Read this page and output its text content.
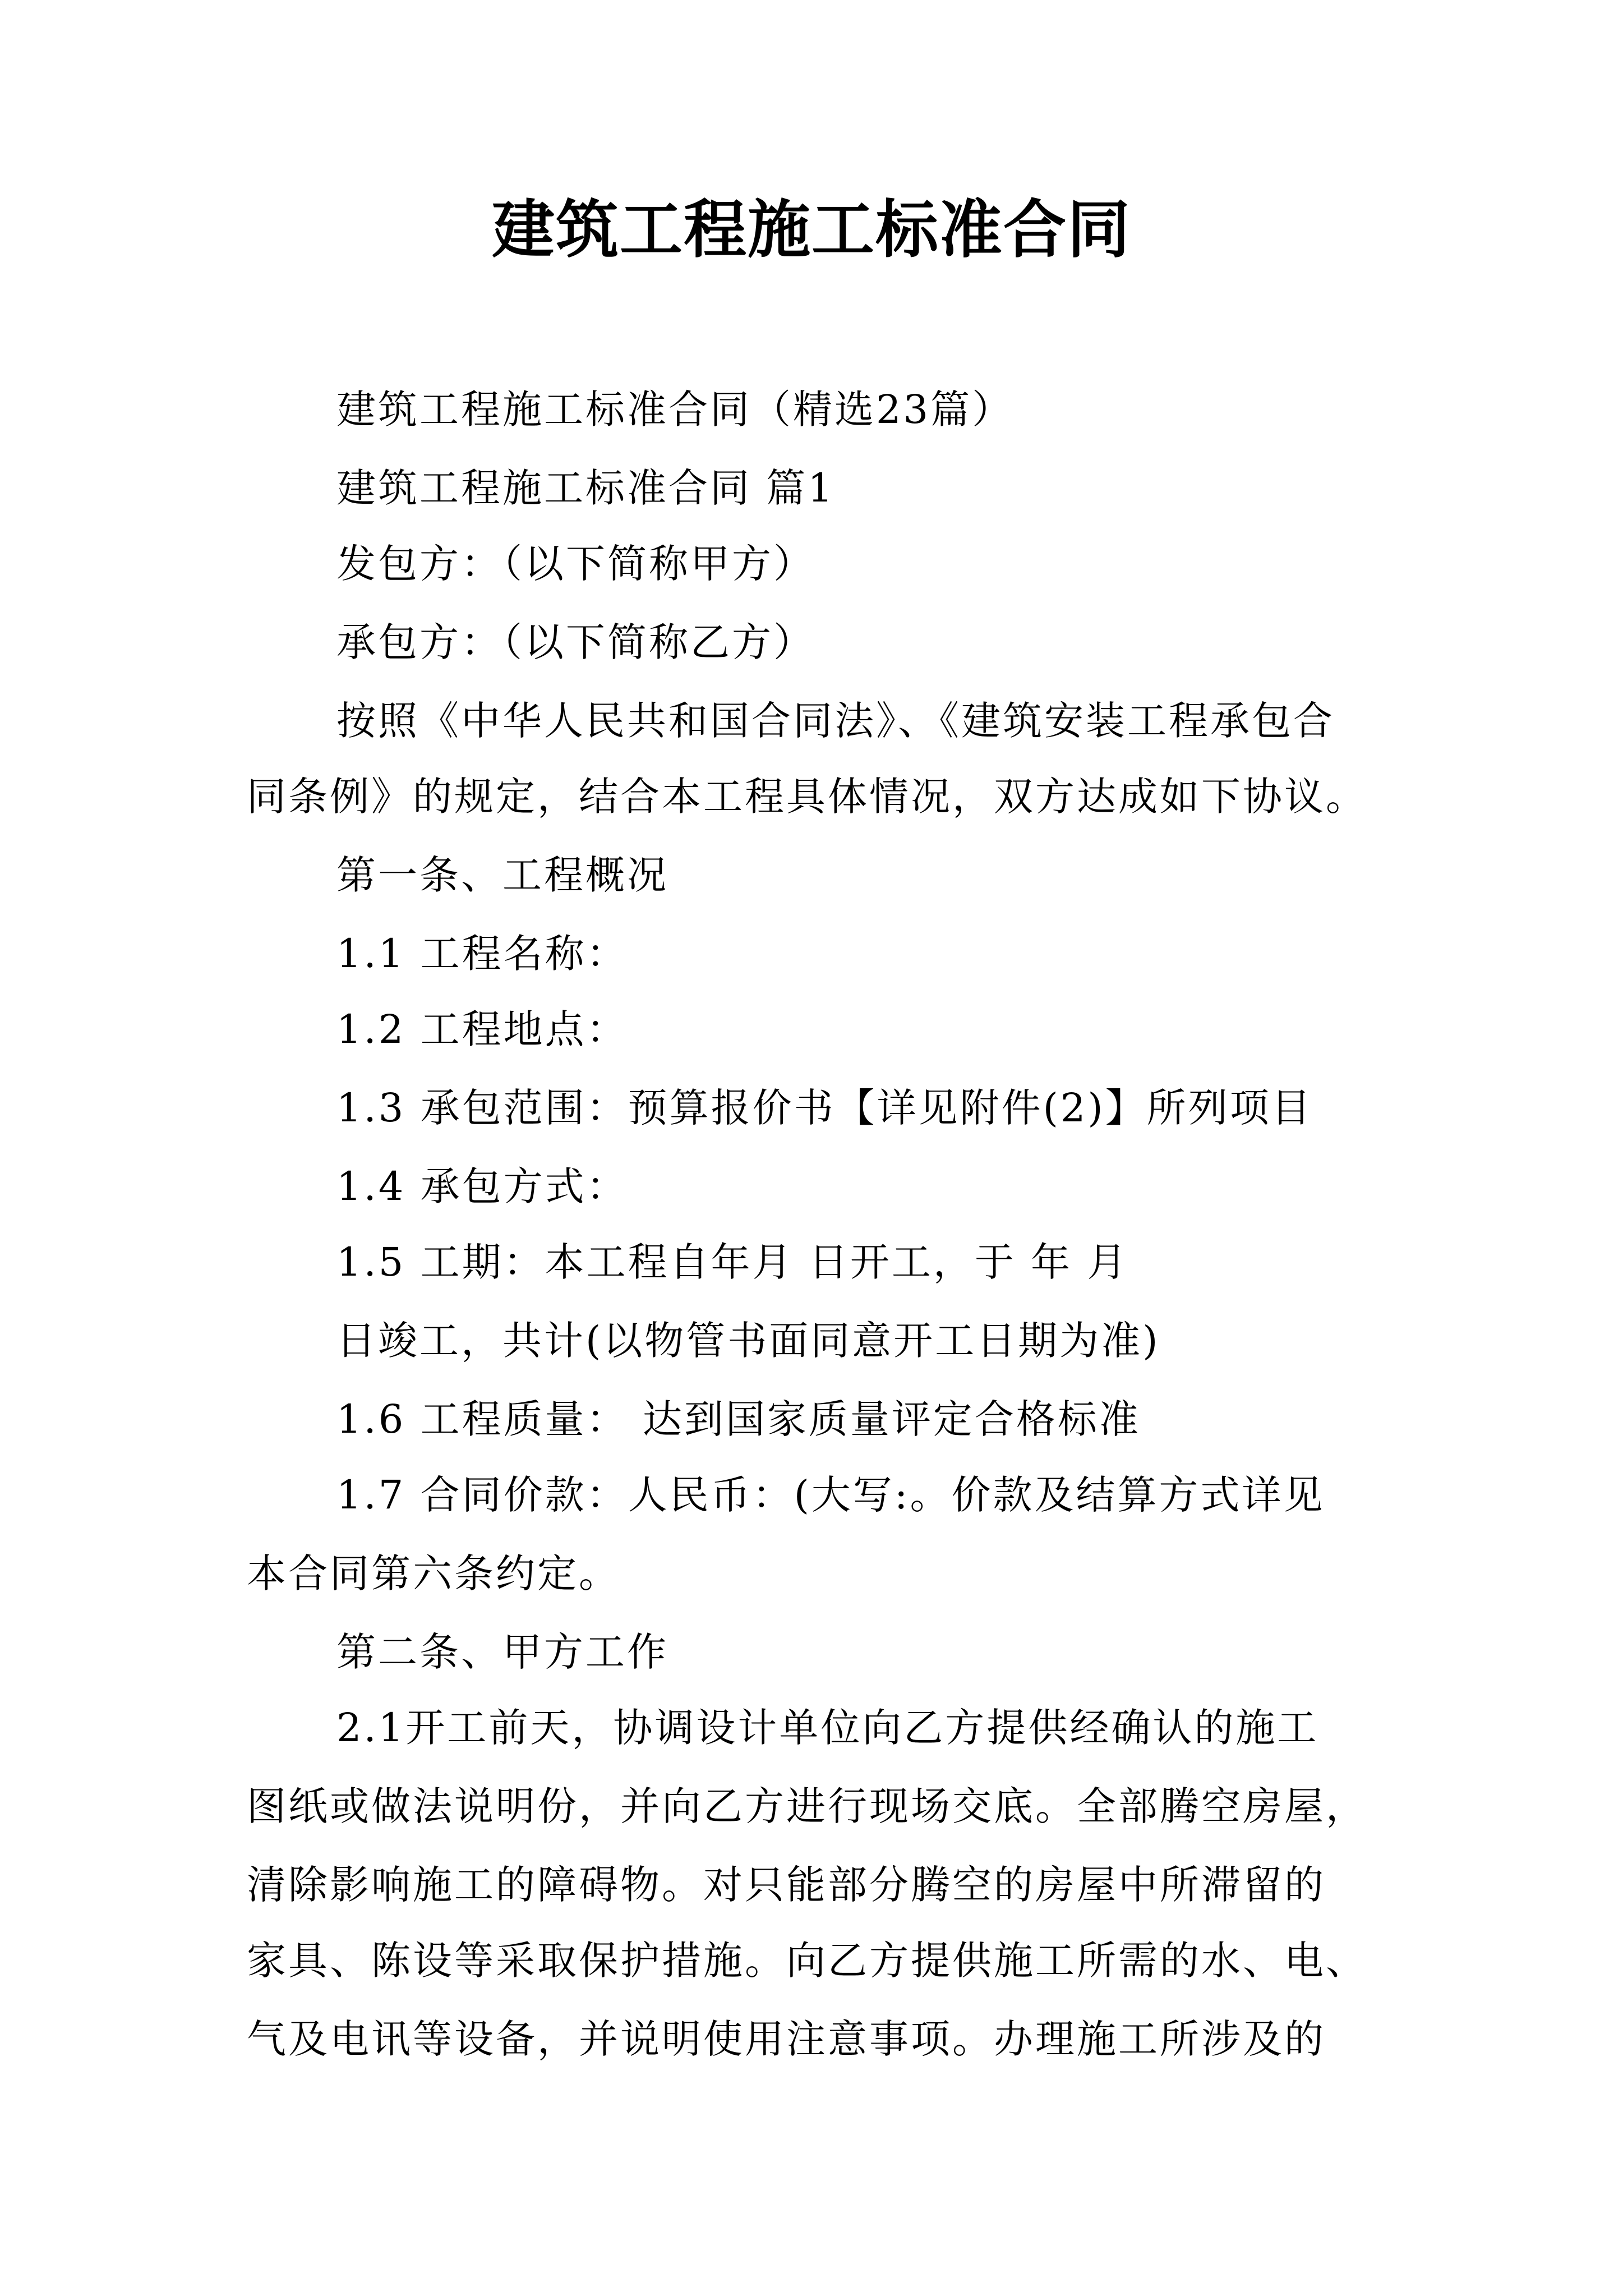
建筑工程施工标准合同

建筑工程施工标准合同（精选23篇）

建筑工程施工标准合同 篇1

发包方：（以下简称甲方）

承包方：（以下简称乙方）

按照《中华人民共和国合同法》、《建筑安装工程承包合

同条例》的规定，结合本工程具体情况，双方达成如下协议。

第一条、工程概况

1.1 工程名称：

1.2 工程地点：

1.3 承包范围：预算报价书【详见附件(2)】所列项目

1.4 承包方式：

1.5 工期：本工程自年月 日开工，于 年 月

日竣工，共计(以物管书面同意开工日期为准)

1.6 工程质量： 达到国家质量评定合格标准

1.7 合同价款：人民币：(大写:。价款及结算方式详见

本合同第六条约定。

第二条、甲方工作

2.1开工前天，协调设计单位向乙方提供经确认的施工

图纸或做法说明份，并向乙方进行现场交底。全部腾空房屋，

清除影响施工的障碍物。对只能部分腾空的房屋中所滞留的

家具、陈设等采取保护措施。向乙方提供施工所需的水、电、

气及电讯等设备，并说明使用注意事项。办理施工所涉及的
